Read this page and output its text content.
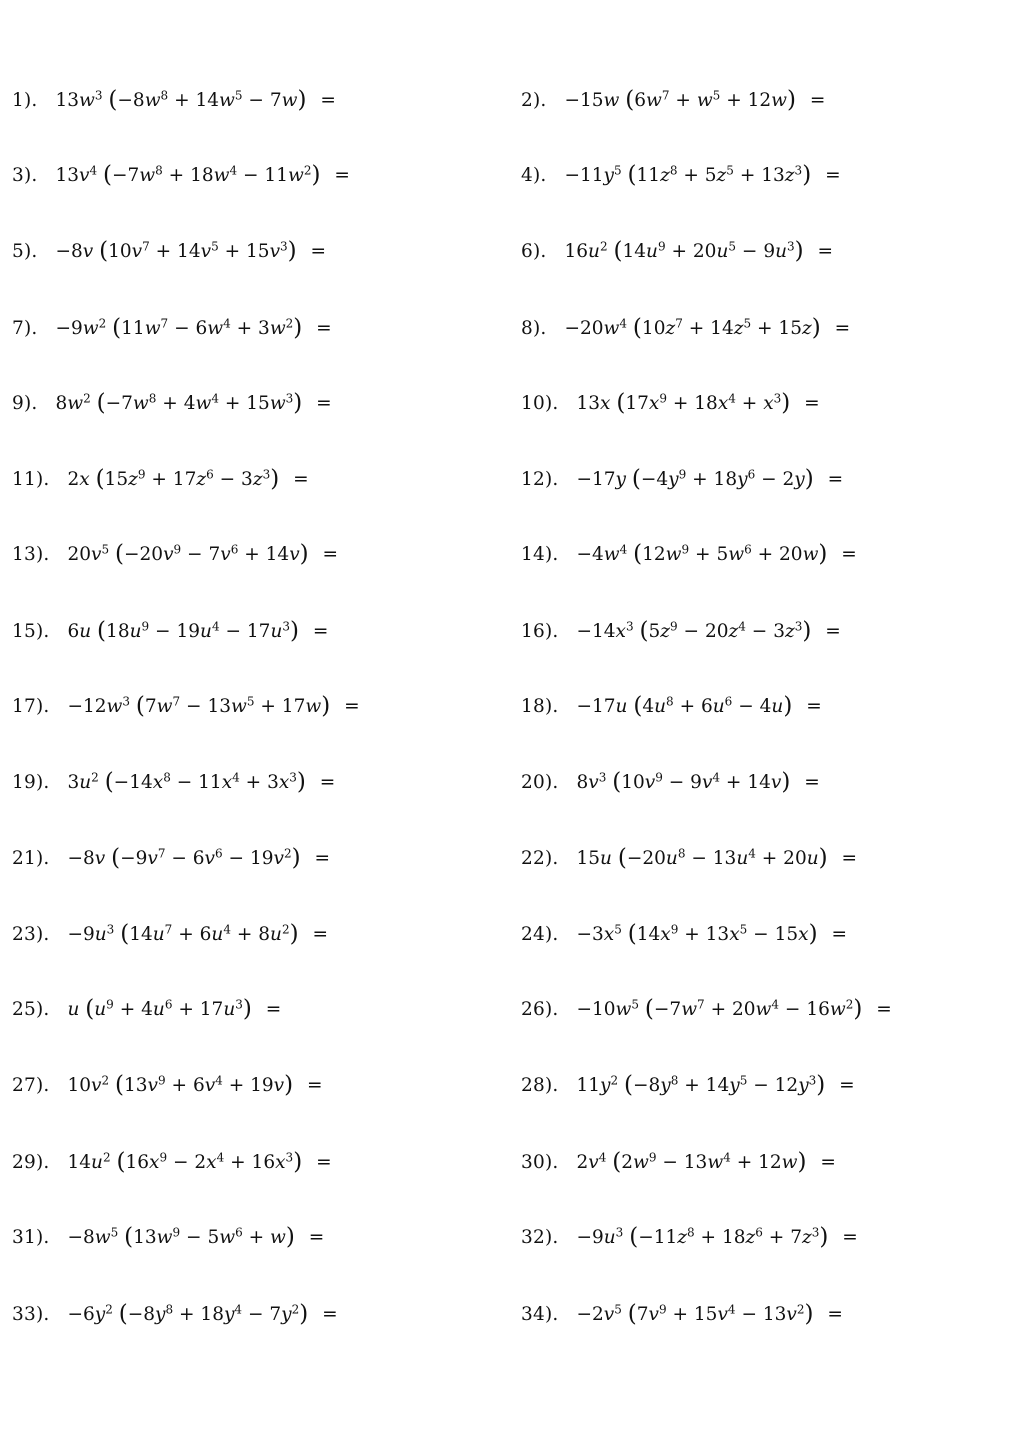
1). $13w^3$ $(-8w^8 + 14w^5 - 7w)$ =	2). −15w $(6w^7 + w^5 + 12w)$ =
3). $13v^4$ $(-7w^8 + 18w^4 - 11w^2)$ =	4). $-11y^5$ $(11z^8 + 5z^5 + 13z^3)$ =
5). −8v $(10v^7 + 14v^5 + 15v^3)$ =	6). $16u^2$ $(14u^9 + 20u^5 - 9u^3)$ =
7). $-9w^2$ $(11w^7 - 6w^4 + 3w^2)$ =	8). $-20w^4$ $(10z^7 + 14z^5 + 15z)$ =
9). $8w^2$ $(-7w^8 + 4w^4 + 15w^3)$ =	10). 13x $(17x^9 + 18x^4 + x^3)$ =
11). 2x $(15z^9 + 17z^6 - 3z^3)$ =	12). −17y $(-4y^9 + 18y^6 - 2y)$ =
13). $20v^5$ $(-20v^9 - 7v^6 + 14v)$ =	14). $-4w^4$ $(12w^9 + 5w^6 + 20w)$ =
15). 6u $(18u^9 - 19u^4 - 17u^3)$ =	16). $-14x^3$ $(5z^9 - 20z^4 - 3z^3)$ =
17). $-12w^3$ $(7w^7 - 13w^5 + 17w)$ =	18). −17u $(4u^8 + 6u^6 - 4u)$ =
19). $3u^2$ $(-14x^8 - 11x^4 + 3x^3)$ =	20). $8v^3$ $(10v^9 - 9v^4 + 14v)$ =
21). −8v $(-9v^7 - 6v^6 - 19v^2)$ =	22). 15u $(-20u^8 - 13u^4 + 20u)$ =
23). $-9u^3$ $(14u^7 + 6u^4 + 8u^2)$ =	24). $-3x^5$ $(14x^9 + 13x^5 - 15x)$ =
25). u $(u^9 + 4u^6 + 17u^3)$ =	26). $-10w^5$ $(-7w^7 + 20w^4 - 16w^2)$ =
27). $10v^2$ $(13v^9 + 6v^4 + 19v)$ =	28). $11y^2$ $(-8y^8 + 14y^5 - 12y^3)$ =
29). $14u^2$ $(16x^9 - 2x^4 + 16x^3)$ =	30). $2v^4$ $(2w^9 - 13w^4 + 12w)$ =
31). $-8w^5$ $(13w^9 - 5w^6 + w)$ =	32). $-9u^3$ $(-11z^8 + 18z^6 + 7z^3)$ =
33). $-6y^2$ $(-8y^8 + 18y^4 - 7y^2)$ =	34). $-2v^5$ $(7v^9 + 15v^4 - 13v^2)$ =
